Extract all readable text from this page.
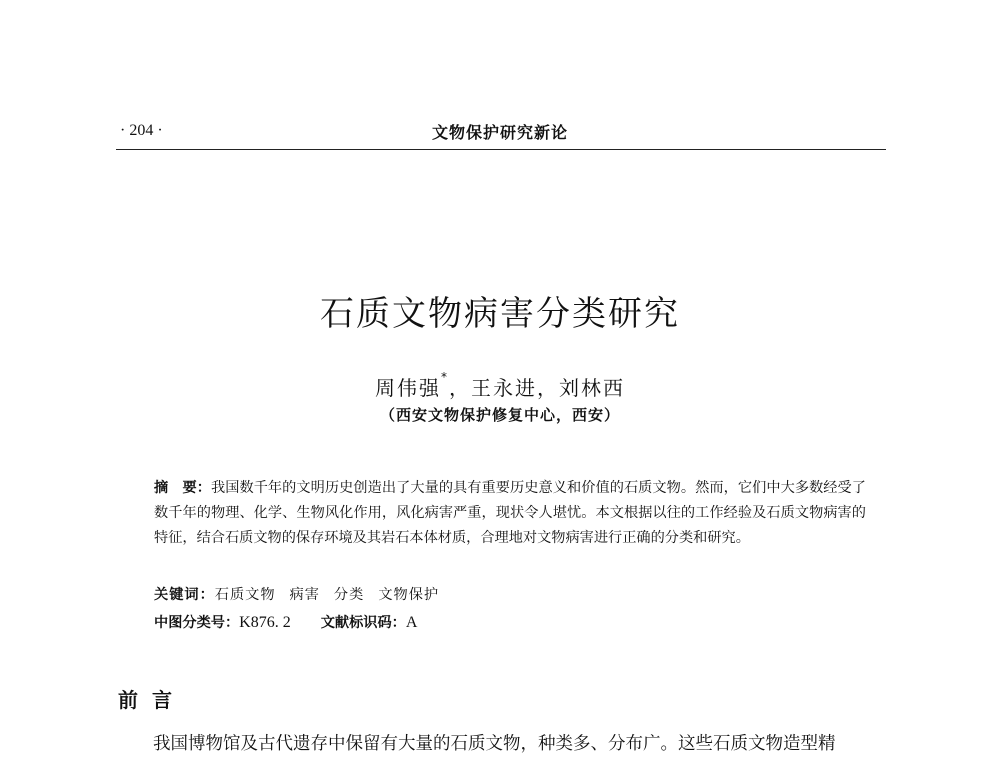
· 204 ·	文物保护研究新论
石质文物病害分类研究
周伟强*，王永进，刘林西
（西安文物保护修复中心，西安）
摘　要：我国数千年的文明历史创造出了大量的具有重要历史意义和价值的石质文物。然而，它们中大多数经受了数千年的物理、化学、生物风化作用，风化病害严重，现状令人堪忧。本文根据以往的工作经验及石质文物病害的特征，结合石质文物的保存环境及其岩石本体材质，合理地对文物病害进行正确的分类和研究。
关键词：石质文物 病害 分类 文物保护
中图分类号：K876. 2 文献标识码：A
前言
我国博物馆及古代遗存中保留有大量的石质文物，种类多、分布广。这些石质文物造型精
